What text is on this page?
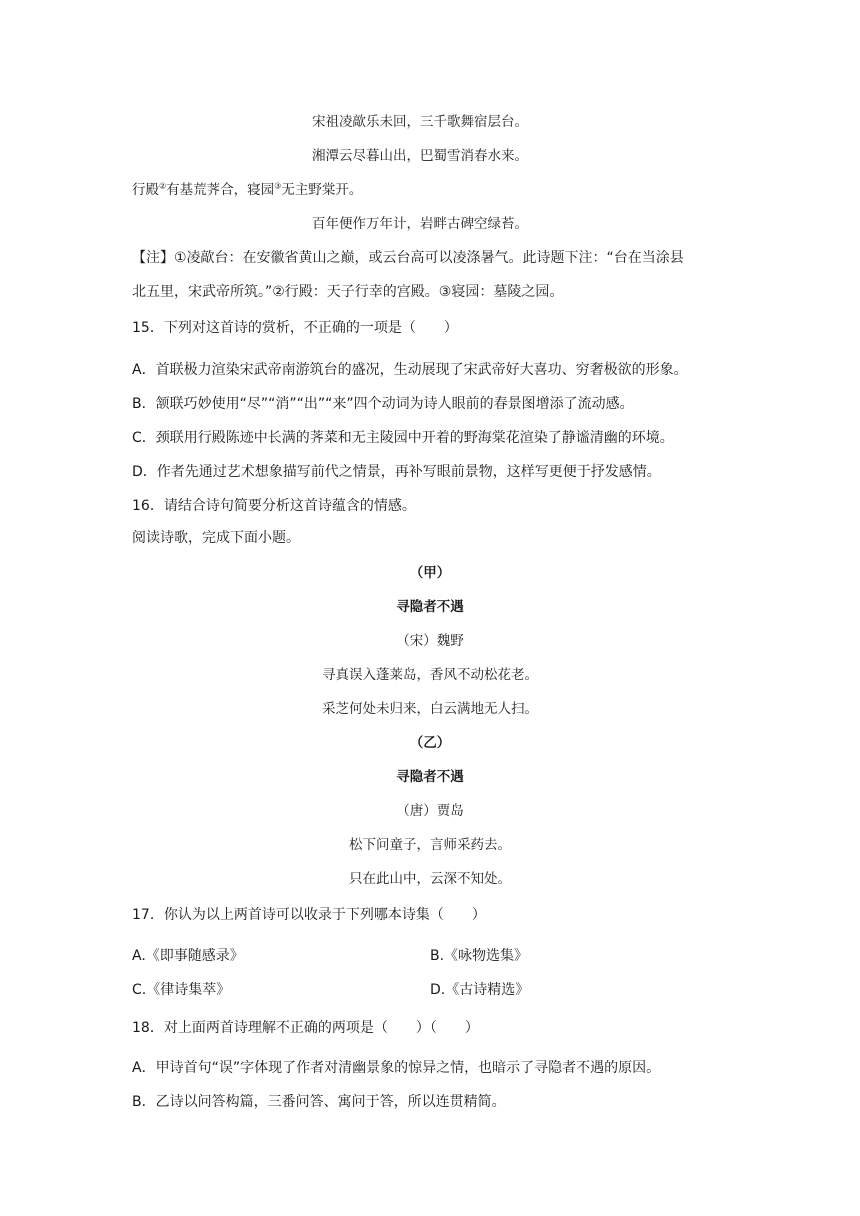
宋祖凌歊乐未回，三千歌舞宿层台。
湘潭云尽暮山出，巴蜀雪消春水来。
行殿②有基荒荠合，寝园③无主野棠开。
百年便作万年计，岩畔古碑空绿苔。
【注】①凌歊台：在安徽省黄山之巅，或云台高可以凌涤暑气。此诗题下注：“台在当涂县
北五里，宋武帝所筑。”②行殿：天子行幸的宫殿。③寝园：墓陵之园。
15．下列对这首诗的赏析，不正确的一项是（　　）
A．首联极力渲染宋武帝南游筑台的盛况，生动展现了宋武帝好大喜功、穷奢极欲的形象。
B．颔联巧妙使用“尽”“消”“出”“来”四个动词为诗人眼前的春景图增添了流动感。
C．颈联用行殿陈迹中长满的荠菜和无主陵园中开着的野海棠花渲染了静谧清幽的环境。
D．作者先通过艺术想象描写前代之情景，再补写眼前景物，这样写更便于抒发感情。
16．请结合诗句简要分析这首诗蕴含的情感。
阅读诗歌，完成下面小题。
（甲）
寻隐者不遇
（宋）魏野
寻真误入蓬莱岛，香风不动松花老。
采芝何处未归来，白云满地无人扫。
（乙）
寻隐者不遇
（唐）贾岛
松下问童子，言师采药去。
只在此山中，云深不知处。
17．你认为以上两首诗可以收录于下列哪本诗集（　　）
A.《即事随感录》	B.《咏物选集》
C.《律诗集萃》	D.《古诗精选》
18．对上面两首诗理解不正确的两项是（　　）（　　）
A．甲诗首句“误”字体现了作者对清幽景象的惊异之情，也暗示了寻隐者不遇的原因。
B．乙诗以问答构篇，三番问答、寓问于答，所以连贯精简。
